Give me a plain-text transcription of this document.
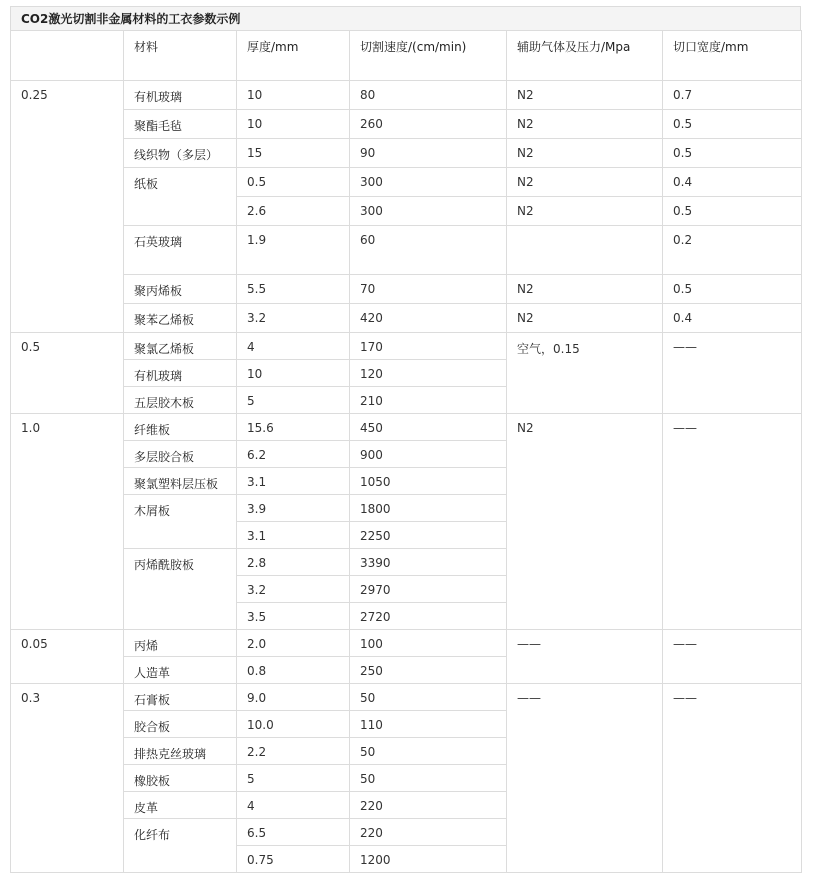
CO2激光切割非金属材料的工衣参数示例
	材料	厚度/mm	切割速度/(cm/min)	辅助气体及压力/Mpa	切口宽度/mm
0.25	有机玻璃	10	80	N2	0.7
	聚酯毛毡	10	260	N2	0.5
	线织物（多层）	15	90	N2	0.5
	纸板	0.5	300	N2	0.4
		2.6	300	N2	0.5
	石英玻璃	1.9	60		0.2
	聚丙烯板	5.5	70	N2	0.5
	聚苯乙烯板	3.2	420	N2	0.4
0.5	聚氯乙烯板	4	170	空气，0.15	——
	有机玻璃	10	120		
	五层胶木板	5	210		
1.0	纤维板	15.6	450	N2	——
	多层胶合板	6.2	900		
	聚氯塑料层压板	3.1	1050		
	木屑板	3.9	1800		
		3.1	2250		
	丙烯酰胺板	2.8	3390		
		3.2	2970		
		3.5	2720		
0.05	丙烯	2.0	100	——	——
	人造革	0.8	250		
0.3	石膏板	9.0	50	——	——
	胶合板	10.0	110		
	排热克丝玻璃	2.2	50		
	橡胶板	5	50		
	皮革	4	220		
	化纤布	6.5	220		
		0.75	1200		
